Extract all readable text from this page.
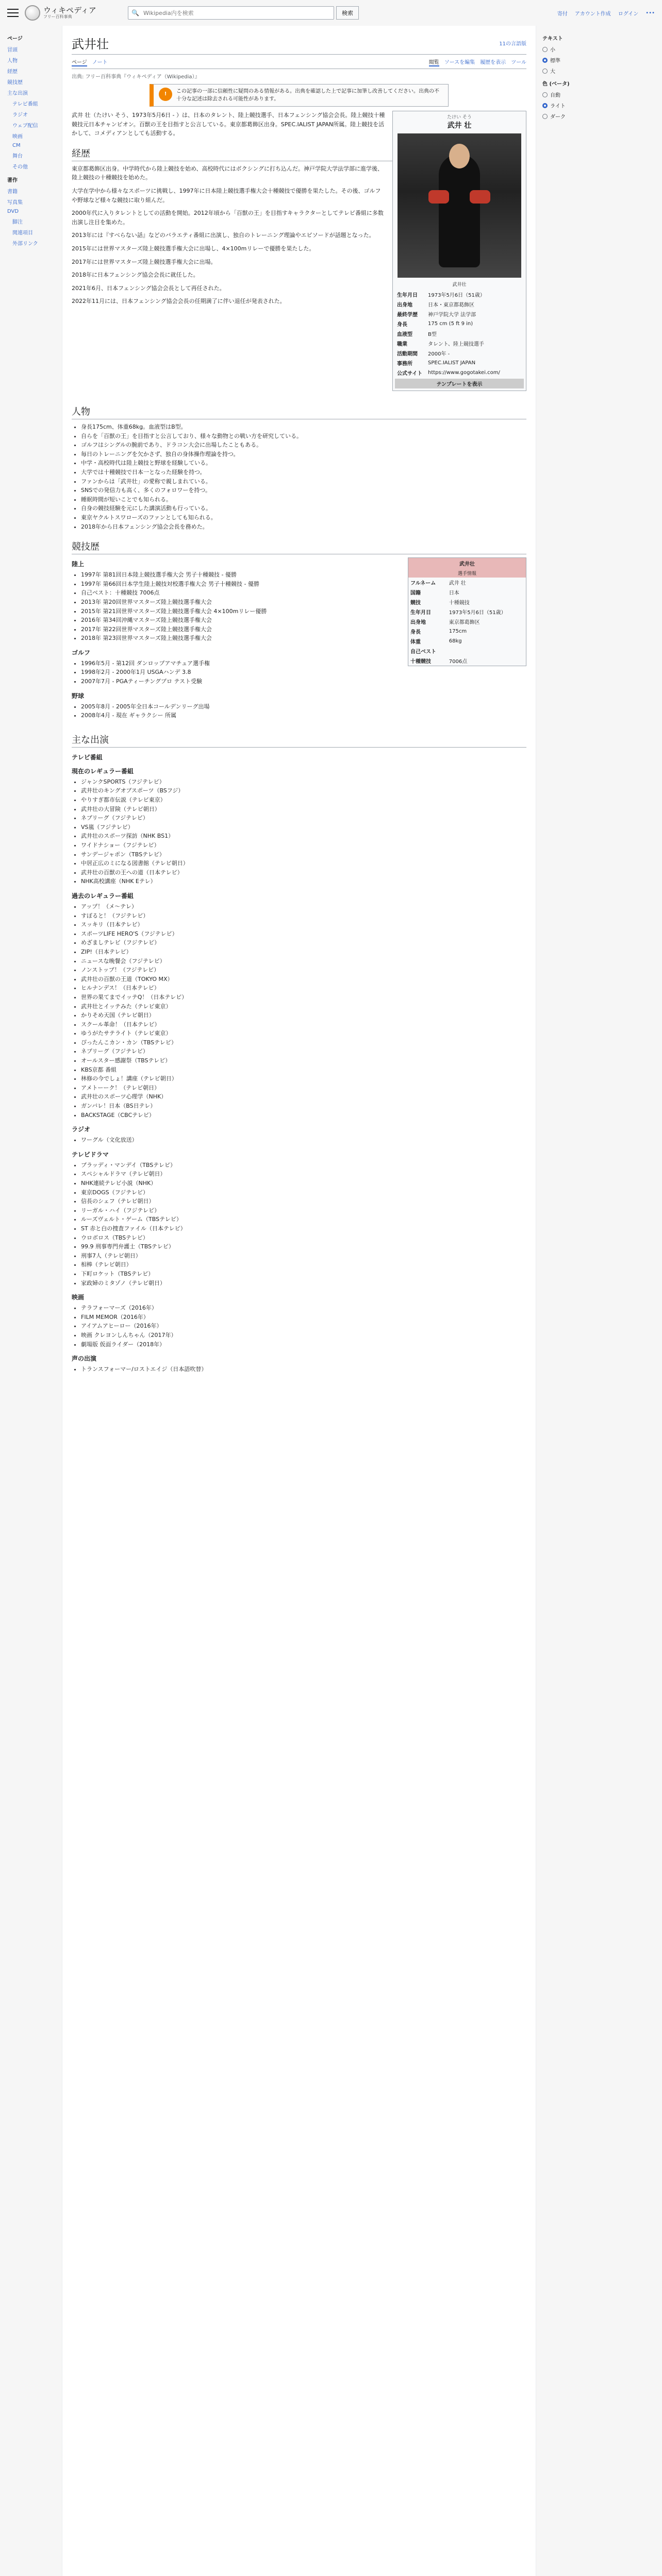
ウィキペディア
フリー百科事典
🔍
Wikipedia内を検索	検索	寄付 アカウント作成 ログイン •••
ページ
冒頭
人物
経歴
競技歴
主な出演
テレビ番組
ラジオ
ウェブ配信
映画
CM
舞台
その他
著作
書籍
写真集
DVD
脚注
関連項目
外部リンク
武井壮	11の言語版
ページ ノート	閲覧 ソースを編集 履歴を表示 ツール
出典: フリー百科事典『ウィキペディア（Wikipedia）』
!	この記事の一部に信頼性に疑問のある情報がある。出典を確認した上で記事に加筆し改善してください。出典の不十分な記述は除去される可能性があります。
たけい そう
武井 壮
武井壮
生年月日	1973年5月6日（51歳）
出身地	日本・東京都葛飾区
最終学歴	神戸学院大学 法学部
身長	175 cm (5 ft 9 in)
血液型	B型
職業	タレント、陸上競技選手
活動期間	2000年 -
事務所	SPEC.IALIST JAPAN
公式サイト	https://www.gogotakei.com/
テンプレートを表示

武井 壮（たけい そう、1973年5月6日 - ）は、日本のタレント、陸上競技選手、日本フェンシング協会会長。陸上競技十種競技元日本チャンピオン。百獣の王を目指すと公言している。東京都葛飾区出身。SPEC.IALIST JAPAN所属。陸上競技を活かして、コメディアンとしても活動する。

経歴

東京都葛飾区出身。中学時代から陸上競技を始め、高校時代にはボクシングに打ち込んだ。神戸学院大学法学部に進学後、陸上競技の十種競技を始めた。

大学在学中から様々なスポーツに挑戦し、1997年に日本陸上競技選手権大会十種競技で優勝を果たした。その後、ゴルフや野球など様々な競技に取り組んだ。

2000年代に入りタレントとしての活動を開始。2012年頃から「百獣の王」を目指すキャラクターとしてテレビ番組に多数出演し注目を集めた。

2013年には『すべらない話』などのバラエティ番組に出演し、独自のトレーニング理論やエピソードが話題となった。

2015年には世界マスターズ陸上競技選手権大会に出場し、4×100mリレーで優勝を果たした。

2017年には世界マスターズ陸上競技選手権大会に出場。

2018年に日本フェンシング協会会長に就任した。

2021年6月、日本フェンシング協会会長として再任された。

2022年11月には、日本フェンシング協会会長の任期満了に伴い退任が発表された。

人物
• 身長175cm、体重68kg。血液型はB型。
• 自らを「百獣の王」を目指すと公言しており、様々な動物との戦い方を研究している。
• ゴルフはシングルの腕前であり、ドラコン大会に出場したこともある。
• 毎日のトレーニングを欠かさず、独自の身体操作理論を持つ。
• 中学・高校時代は陸上競技と野球を経験している。
• 大学では十種競技で日本一となった経験を持つ。
• ファンからは「武井壮」の愛称で親しまれている。
• SNSでの発信力も高く、多くのフォロワーを持つ。
• 睡眠時間が短いことでも知られる。
• 自身の競技経験を元にした講演活動も行っている。
• 東京ヤクルトスワローズのファンとしても知られる。
• 2018年から日本フェンシング協会会長を務めた。
競技歴
武井壮
選手情報
フルネーム	武井 壮
国籍	日本
競技	十種競技
生年月日	1973年5月6日（51歳）
出身地	東京都葛飾区
身長	175cm
体重	68kg
自己ベスト	
十種競技	7006点
陸上
• 1997年 第81回日本陸上競技選手権大会 男子十種競技 - 優勝
• 1997年 第66回日本学生陸上競技対校選手権大会 男子十種競技 - 優勝
• 自己ベスト：十種競技 7006点
• 2013年 第20回世界マスターズ陸上競技選手権大会
• 2015年 第21回世界マスターズ陸上競技選手権大会 4×100mリレー優勝
• 2016年 第34回沖縄マスターズ陸上競技選手権大会
• 2017年 第22回世界マスターズ陸上競技選手権大会
• 2018年 第23回世界マスターズ陸上競技選手権大会
ゴルフ
• 1996年5月 - 第12回 ダンロップアマチュア選手権
• 1998年2月 - 2000年1月 USGAハンデ 3.8
• 2007年7月 - PGAティーチングプロ テスト受験
野球
• 2005年8月 - 2005年全日本コールデンリーグ出場
• 2008年4月 - 現在 ギャラクシー 所属
主な出演
テレビ番組
現在のレギュラー番組
• ジャンクSPORTS（フジテレビ）
• 武井壮のキングオブスポーツ（BSフジ）
• やりすぎ都市伝説（テレビ東京）
• 武井壮の大冒険（テレビ朝日）
• ネプリーグ（フジテレビ）
• VS嵐（フジテレビ）
• 武井壮のスポーツ探訪（NHK BS1）
• ワイドナショー（フジテレビ）
• サンデージャポン（TBSテレビ）
• 中居正広のミになる図書館（テレビ朝日）
• 武井壮の百獣の王への道（日本テレビ）
• NHK高校講座（NHK Eテレ）
過去のレギュラー番組
• アップ！（メ～テレ）
• すぽると！（フジテレビ）
• スッキリ（日本テレビ）
• スポーツLIFE HERO'S（フジテレビ）
• めざましテレビ（フジテレビ）
• ZIP!（日本テレビ）
• ニュースな晩餐会（フジテレビ）
• ノンストップ！（フジテレビ）
• 武井壮の百獣の王道（TOKYO MX）
• ヒルナンデス！（日本テレビ）
• 世界の果てまでイッテQ！（日本テレビ）
• 武井壮とイッテみた（テレビ東京）
• かりそめ天国（テレビ朝日）
• スクール革命！（日本テレビ）
• ゆうがたサテライト（テレビ東京）
• ぴったんこカン・カン（TBSテレビ）
• ネプリーグ（フジテレビ）
• オールスター感謝祭（TBSテレビ）
• KBS京都 番組
• 林修の今でしょ！講座（テレビ朝日）
• アメトーーク！（テレビ朝日）
• 武井壮のスポーツ心理学（NHK）
• ガンバレ！日本（BS日テレ）
• BACKSTAGE（CBCテレビ）
ラジオ
• ワーグル（文化放送）
テレビドラマ
• ブラッディ・マンデイ（TBSテレビ）
• スペシャルドラマ（テレビ朝日）
• NHK連続テレビ小説（NHK）
• 東京DOGS（フジテレビ）
• 信長のシェフ（テレビ朝日）
• リーガル・ハイ（フジテレビ）
• ルーズヴェルト・ゲーム（TBSテレビ）
• ST 赤と白の捜査ファイル（日本テレビ）
• ウロボロス（TBSテレビ）
• 99.9 刑事専門弁護士（TBSテレビ）
• 刑事7人（テレビ朝日）
• 相棒（テレビ朝日）
• 下町ロケット（TBSテレビ）
• 家政婦のミタゾノ（テレビ朝日）
映画
• テラフォーマーズ（2016年）
• FILM MEMOR（2016年）
• アイアムアヒーロー（2016年）
• 映画 クレヨンしんちゃん（2017年）
• 劇場版 仮面ライダー（2018年）
声の出演
• トランスフォーマー/ロストエイジ（日本語吹替）
テキスト
小
標準
大
色 (ベータ)
自動
ライト
ダーク
